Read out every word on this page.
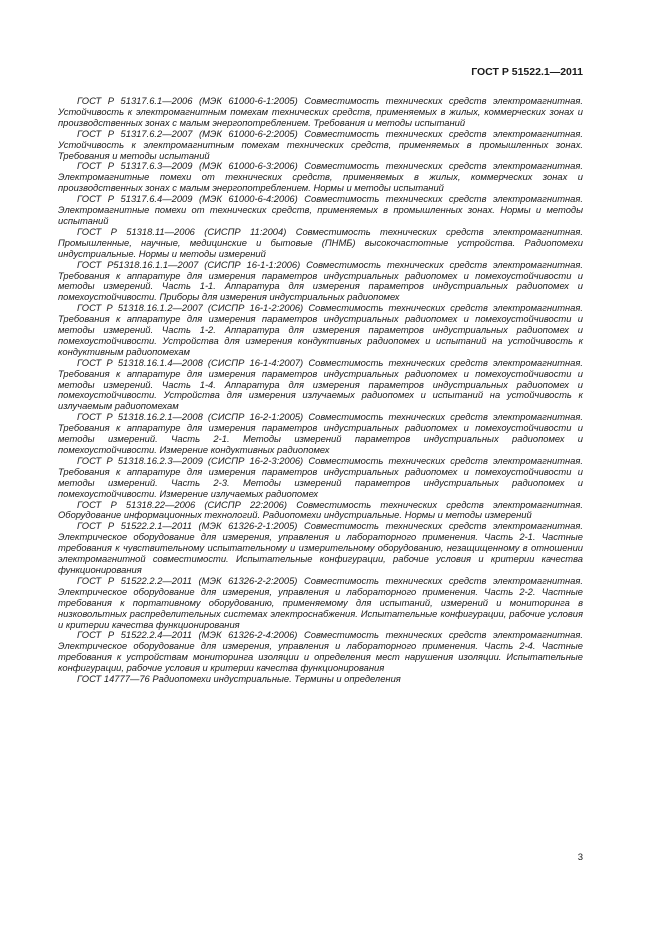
ГОСТ Р 51522.1—2011

ГОСТ Р 51317.6.1—2006 (МЭК 61000-6-1:2005) Совместимость технических средств электромагнитная. Устойчивость к электромагнитным помехам технических средств, применяемых в жилых, коммерческих зонах и производственных зонах с малым энергопотреблением. Требования и методы испытаний

ГОСТ Р 51317.6.2—2007 (МЭК 61000-6-2:2005) Совместимость технических средств электромагнитная. Устойчивость к электромагнитным помехам технических средств, применяемых в промышленных зонах. Требования и методы испытаний

ГОСТ Р 51317.6.3—2009 (МЭК 61000-6-3:2006) Совместимость технических средств электромагнитная. Электромагнитные помехи от технических средств, применяемых в жилых, коммерческих зонах и производственных зонах с малым энергопотреблением. Нормы и методы испытаний

ГОСТ Р 51317.6.4—2009 (МЭК 61000-6-4:2006) Совместимость технических средств электромагнитная. Электромагнитные помехи от технических средств, применяемых в промышленных зонах. Нормы и методы испытаний

ГОСТ Р 51318.11—2006 (СИСПР 11:2004) Совместимость технических средств электромагнитная. Промышленные, научные, медицинские и бытовые (ПНМБ) высокочастотные устройства. Радиопомехи индустриальные. Нормы и методы измерений

ГОСТ Р51318.16.1.1—2007 (СИСПР 16-1-1:2006) Совместимость технических средств электромагнитная. Требования к аппаратуре для измерения параметров индустриальных радиопомех и помехоустойчивости и методы измерений. Часть 1-1. Аппаратура для измерения параметров индустриальных радиопомех и помехоустойчивости. Приборы для измерения индустриальных радиопомех

ГОСТ Р 51318.16.1.2—2007 (СИСПР 16-1-2:2006) Совместимость технических средств электромагнитная. Требования к аппаратуре для измерения параметров индустриальных радиопомех и помехоустойчивости и методы измерений. Часть 1-2. Аппаратура для измерения параметров индустриальных радиопомех и помехоустойчивости. Устройства для измерения кондуктивных радиопомех и испытаний на устойчивость к кондуктивным радиопомехам

ГОСТ Р 51318.16.1.4—2008 (СИСПР 16-1-4:2007) Совместимость технических средств электромагнитная. Требования к аппаратуре для измерения параметров индустриальных радиопомех и помехоустойчивости и методы измерений. Часть 1-4. Аппаратура для измерения параметров индустриальных радиопомех и помехоустойчивости. Устройства для измерения излучаемых радиопомех и испытаний на устойчивость к излучаемым радиопомехам

ГОСТ Р 51318.16.2.1—2008 (СИСПР 16-2-1:2005) Совместимость технических средств электромагнитная. Требования к аппаратуре для измерения параметров индустриальных радиопомех и помехоустойчивости и методы измерений. Часть 2-1. Методы измерений параметров индустриальных радиопомех и помехоустойчивости. Измерение кондуктивных радиопомех

ГОСТ Р 51318.16.2.3—2009 (СИСПР 16-2-3:2006) Совместимость технических средств электромагнитная. Требования к аппаратуре для измерения параметров индустриальных радиопомех и помехоустойчивости и методы измерений. Часть 2-3. Методы измерений параметров индустриальных радиопомех и помехоустойчивости. Измерение излучаемых радиопомех

ГОСТ Р 51318.22—2006 (СИСПР 22:2006) Совместимость технических средств электромагнитная. Оборудование информационных технологий. Радиопомехи индустриальные. Нормы и методы измерений

ГОСТ Р 51522.2.1—2011 (МЭК 61326-2-1:2005) Совместимость технических средств электромагнитная. Электрическое оборудование для измерения, управления и лабораторного применения. Часть 2-1. Частные требования к чувствительному испытательному и измерительному оборудованию, незащищенному в отношении электромагнитной совместимости. Испытательные конфигурации, рабочие условия и критерии качества функционирования

ГОСТ Р 51522.2.2—2011 (МЭК 61326-2-2:2005) Совместимость технических средств электромагнитная. Электрическое оборудование для измерения, управления и лабораторного применения. Часть 2-2. Частные требования к портативному оборудованию, применяемому для испытаний, измерений и мониторинга в низковольтных распределительных системах электроснабжения. Испытательные конфигурации, рабочие условия и критерии качества функционирования

ГОСТ Р 51522.2.4—2011 (МЭК 61326-2-4:2006) Совместимость технических средств электромагнитная. Электрическое оборудование для измерения, управления и лабораторного применения. Часть 2-4. Частные требования к устройствам мониторинга изоляции и определения мест нарушения изоляции. Испытательные конфигурации, рабочие условия и критерии качества функционирования

ГОСТ 14777—76 Радиопомехи индустриальные. Термины и определения

3
